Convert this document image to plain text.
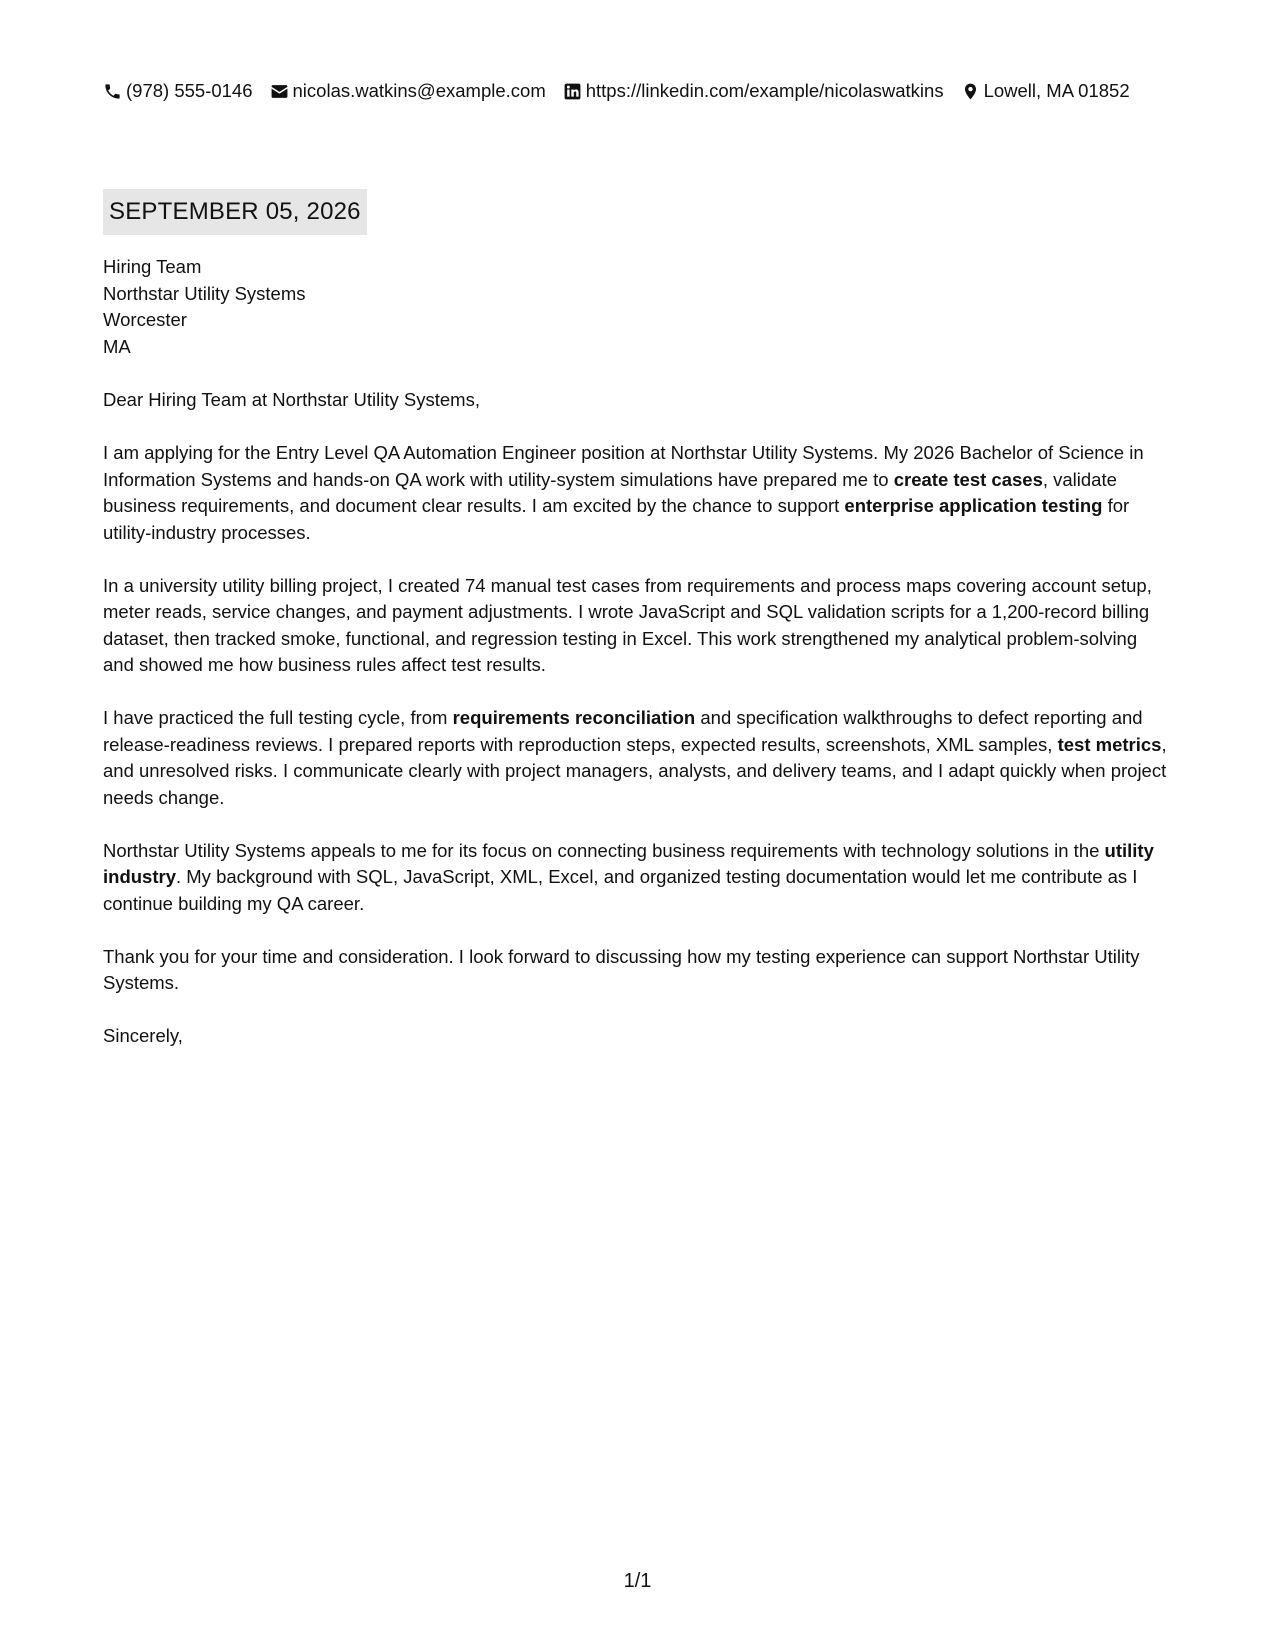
(978) 555-0146 nicolas.watkins@example.com https://linkedin.com/example/nicolaswatkins Lowell, MA 01852
SEPTEMBER 05, 2026
Hiring Team
Northstar Utility Systems
Worcester
MA

Dear Hiring Team at Northstar Utility Systems,

I am applying for the Entry Level QA Automation Engineer position at Northstar Utility Systems. My 2026 Bachelor of Science in Information Systems and hands-on QA work with utility-system simulations have prepared me to create test cases, validate business requirements, and document clear results. I am excited by the chance to support enterprise application testing for utility-industry processes.

In a university utility billing project, I created 74 manual test cases from requirements and process maps covering account setup, meter reads, service changes, and payment adjustments. I wrote JavaScript and SQL validation scripts for a 1,200-record billing dataset, then tracked smoke, functional, and regression testing in Excel. This work strengthened my analytical problem-solving and showed me how business rules affect test results.

I have practiced the full testing cycle, from requirements reconciliation and specification walkthroughs to defect reporting and release-readiness reviews. I prepared reports with reproduction steps, expected results, screenshots, XML samples, test metrics, and unresolved risks. I communicate clearly with project managers, analysts, and delivery teams, and I adapt quickly when project needs change.

Northstar Utility Systems appeals to me for its focus on connecting business requirements with technology solutions in the utility industry. My background with SQL, JavaScript, XML, Excel, and organized testing documentation would let me contribute as I continue building my QA career.

Thank you for your time and consideration. I look forward to discussing how my testing experience can support Northstar Utility Systems.

Sincerely,

1/1
